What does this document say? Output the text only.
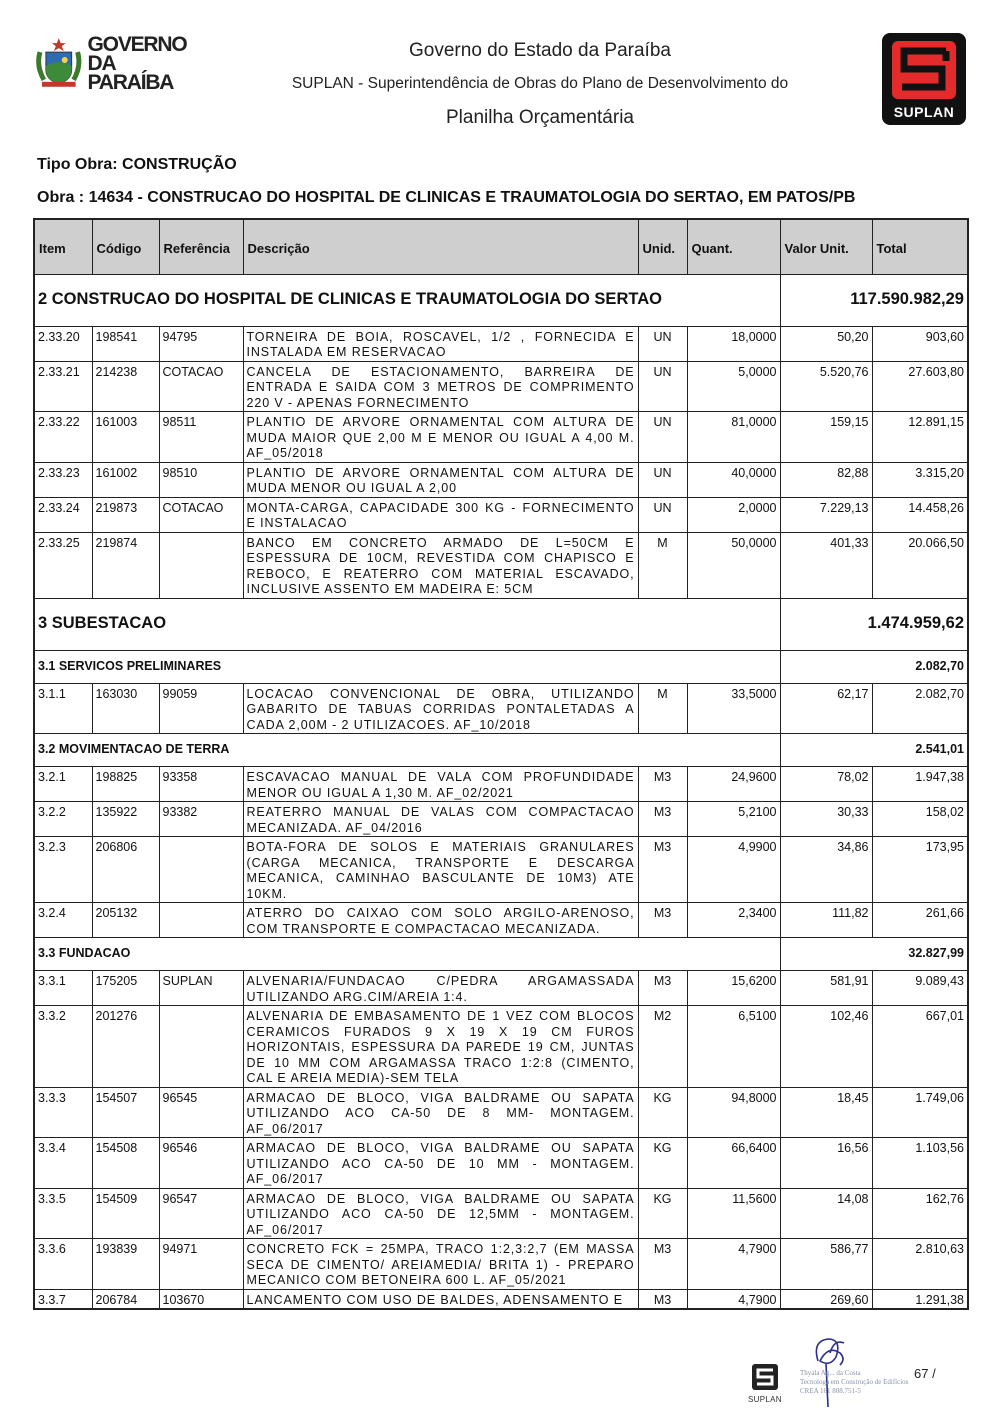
GOVERNO
DA PARAÍBA
Governo do Estado da Paraíba
SUPLAN - Superintendência de Obras do Plano de Desenvolvimento do
Planilha Orçamentária	SUPLAN
Tipo Obra: CONSTRUÇÃO
Obra : 14634 - CONSTRUCAO DO HOSPITAL DE CLINICAS E TRAUMATOLOGIA DO SERTAO, EM PATOS/PB
Item	Código	Referência	Descrição	Unid.	Quant.	Valor Unit.	Total
2 CONSTRUCAO DO HOSPITAL DE CLINICAS E TRAUMATOLOGIA DO SERTAO						117.590.982,29	
2.33.20	198541	94795	TORNEIRA DE BOIA, ROSCAVEL, 1/2 , FORNECIDA E INSTALADA EM RESERVACAO	UN	18,0000	50,20	903,60
2.33.21	214238	COTACAO	CANCELA DE ESTACIONAMENTO, BARREIRA DE ENTRADA E SAIDA COM 3 METROS DE COMPRIMENTO 220 V - APENAS FORNECIMENTO	UN	5,0000	5.520,76	27.603,80
2.33.22	161003	98511	PLANTIO DE ARVORE ORNAMENTAL COM ALTURA DE MUDA MAIOR QUE 2,00 M E MENOR OU IGUAL A 4,00 M. AF_05/2018	UN	81,0000	159,15	12.891,15
2.33.23	161002	98510	PLANTIO DE ARVORE ORNAMENTAL COM ALTURA DE MUDA MENOR OU IGUAL A 2,00	UN	40,0000	82,88	3.315,20
2.33.24	219873	COTACAO	MONTA-CARGA, CAPACIDADE 300 KG - FORNECIMENTO E INSTALACAO	UN	2,0000	7.229,13	14.458,26
2.33.25	219874		BANCO EM CONCRETO ARMADO DE L=50CM E ESPESSURA DE 10CM, REVESTIDA COM CHAPISCO E REBOCO, E REATERRO COM MATERIAL ESCAVADO, INCLUSIVE ASSENTO EM MADEIRA E: 5CM	M	50,0000	401,33	20.066,50
3 SUBESTACAO						1.474.959,62	
3.1 SERVICOS PRELIMINARES						2.082,70	
3.1.1	163030	99059	LOCACAO CONVENCIONAL DE OBRA, UTILIZANDO GABARITO DE TABUAS CORRIDAS PONTALETADAS A CADA 2,00M - 2 UTILIZACOES. AF_10/2018	M	33,5000	62,17	2.082,70
3.2 MOVIMENTACAO DE TERRA						2.541,01	
3.2.1	198825	93358	ESCAVACAO MANUAL DE VALA COM PROFUNDIDADE MENOR OU IGUAL A 1,30 M. AF_02/2021	M3	24,9600	78,02	1.947,38
3.2.2	135922	93382	REATERRO MANUAL DE VALAS COM COMPACTACAO MECANIZADA. AF_04/2016	M3	5,2100	30,33	158,02
3.2.3	206806		BOTA-FORA DE SOLOS E MATERIAIS GRANULARES (CARGA MECANICA, TRANSPORTE E DESCARGA MECANICA, CAMINHAO BASCULANTE DE 10M3) ATE 10KM.	M3	4,9900	34,86	173,95
3.2.4	205132		ATERRO DO CAIXAO COM SOLO ARGILO-ARENOSO, COM TRANSPORTE E COMPACTACAO MECANIZADA.	M3	2,3400	111,82	261,66
3.3 FUNDACAO						32.827,99	
3.3.1	175205	SUPLAN	ALVENARIA/FUNDACAO C/PEDRA ARGAMASSADA UTILIZANDO ARG.CIM/AREIA 1:4.	M3	15,6200	581,91	9.089,43
3.3.2	201276		ALVENARIA DE EMBASAMENTO DE 1 VEZ COM BLOCOS CERAMICOS FURADOS 9 X 19 X 19 CM FUROS HORIZONTAIS, ESPESSURA DA PAREDE 19 CM, JUNTAS DE 10 MM COM ARGAMASSA TRACO 1:2:8 (CIMENTO, CAL E AREIA MEDIA)-SEM TELA	M2	6,5100	102,46	667,01
3.3.3	154507	96545	ARMACAO DE BLOCO, VIGA BALDRAME OU SAPATA UTILIZANDO ACO CA-50 DE 8 MM- MONTAGEM. AF_06/2017	KG	94,8000	18,45	1.749,06
3.3.4	154508	96546	ARMACAO DE BLOCO, VIGA BALDRAME OU SAPATA UTILIZANDO ACO CA-50 DE 10 MM - MONTAGEM. AF_06/2017	KG	66,6400	16,56	1.103,56
3.3.5	154509	96547	ARMACAO DE BLOCO, VIGA BALDRAME OU SAPATA UTILIZANDO ACO CA-50 DE 12,5MM - MONTAGEM. AF_06/2017	KG	11,5600	14,08	162,76
3.3.6	193839	94971	CONCRETO FCK = 25MPA, TRACO 1:2,3:2,7 (EM MASSA SECA DE CIMENTO/ AREIAMEDIA/ BRITA 1) - PREPARO MECANICO COM BETONEIRA 600 L. AF_05/2021	M3	4,7900	586,77	2.810,63
3.3.7	206784	103670	LANCAMENTO COM USO DE BALDES, ADENSAMENTO E	M3	4,7900	269,60	1.291,38
SUPLAN
Thyala Ag... da Costa
Tecnologa em Construção de Edifícios
CREA 161 808.751-5
67 /
